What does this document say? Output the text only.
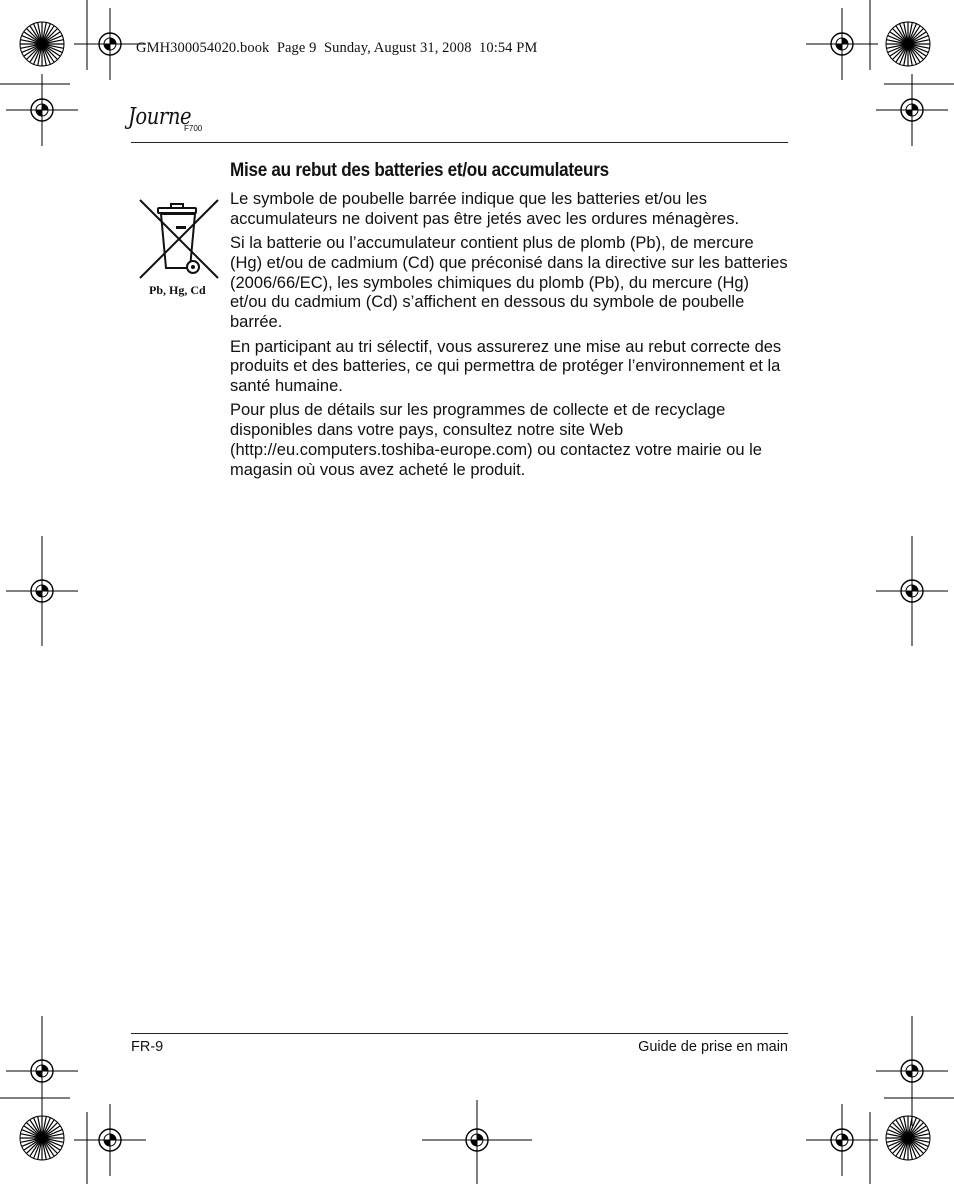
GMH300054020.book  Page 9  Sunday, August 31, 2008  10:54 PM
Journe
F700
Mise au rebut des batteries et/ou accumulateurs
Pb, Hg, Cd

Le symbole de poubelle barrée indique que les batteries et/ou les accumulateurs ne doivent pas être jetés avec les ordures ménagères.

Si la batterie ou l’accumulateur contient plus de plomb (Pb), de mercure (Hg) et/ou de cadmium (Cd) que préconisé dans la directive sur les batteries (2006/66/EC), les symboles chimiques du plomb (Pb), du mercure (Hg) et/ou du cadmium (Cd) s’affichent en dessous du symbole de poubelle barrée.

En participant au tri sélectif, vous assurerez une mise au rebut correcte des produits et des batteries, ce qui permettra de protéger l’environnement et la santé humaine.

Pour plus de détails sur les programmes de collecte et de recyclage disponibles dans votre pays, consultez notre site Web (http://eu.computers.toshiba-europe.com) ou contactez votre mairie ou le magasin où vous avez acheté le produit.

FR-9	Guide de prise en main
